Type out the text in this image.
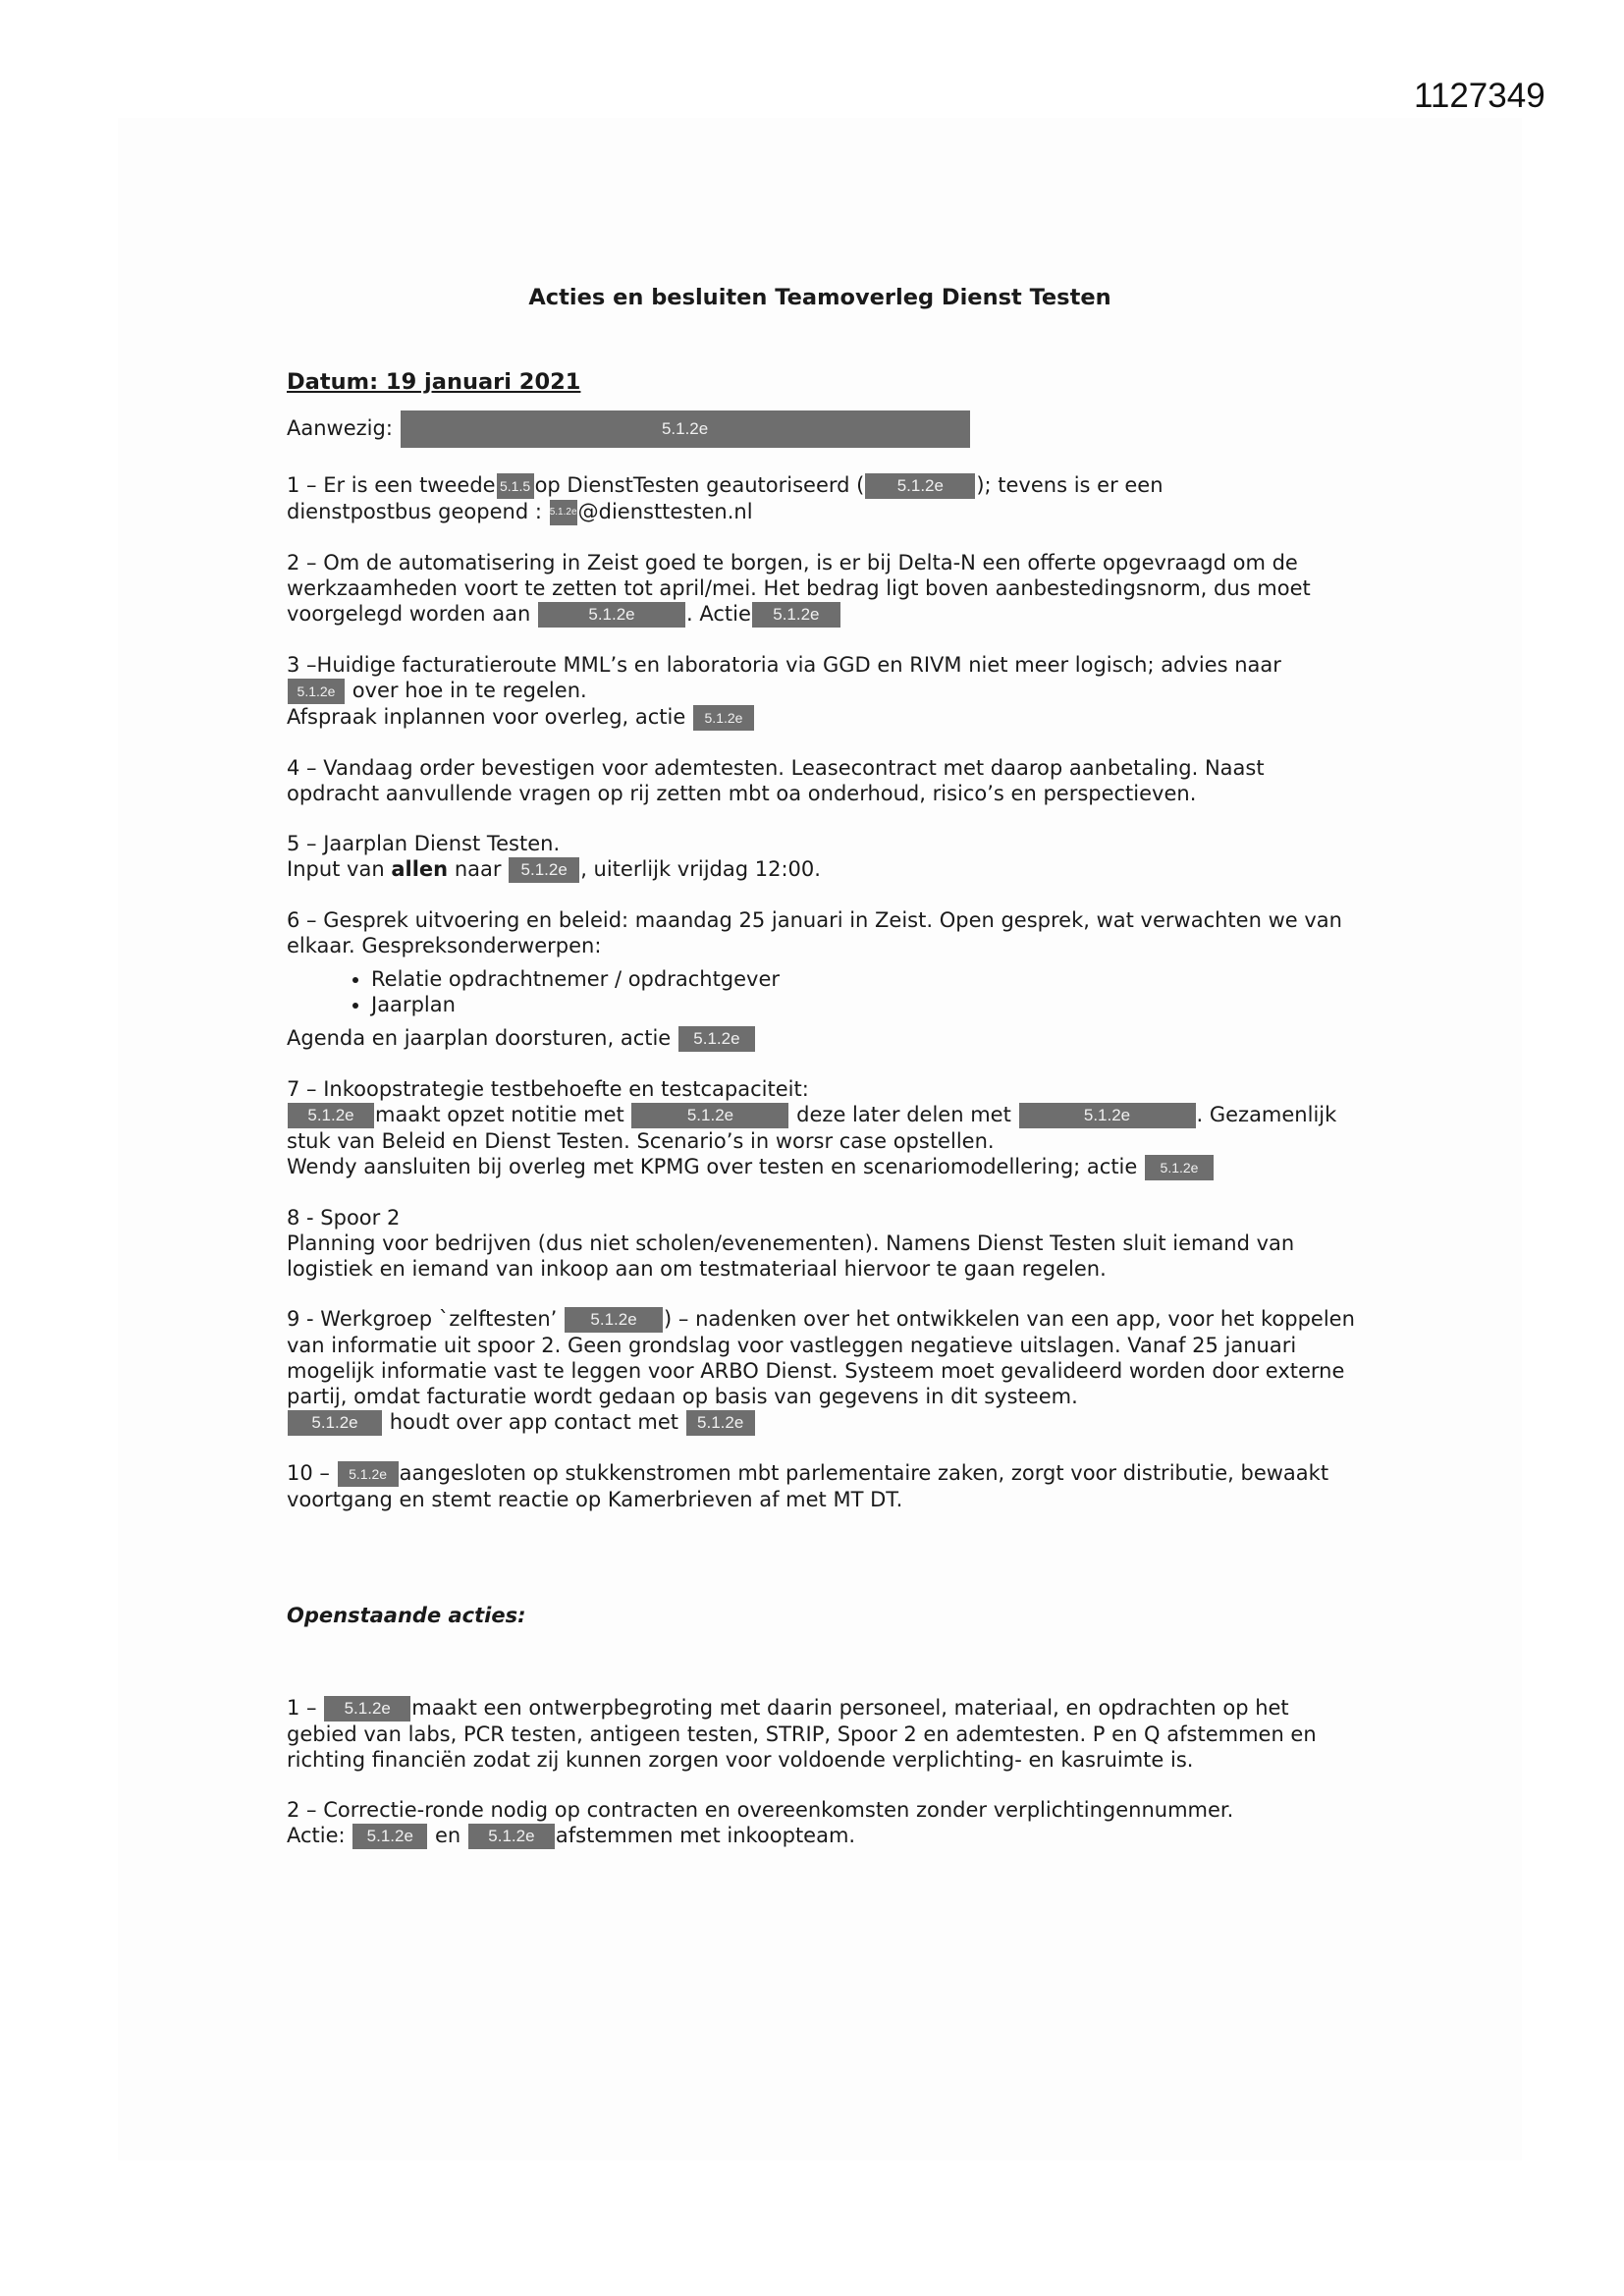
1127349
Acties en besluiten Teamoverleg Dienst Testen

Datum: 19 januari 2021

Aanwezig:	5.1.2e

1 – Er is een tweede 5.1.5 op DienstTesten geautoriseerd ( 5.1.2e ); tevens is er een
dienstpostbus geopend : 5.1.2e@diensttesten.nl

2 – Om de automatisering in Zeist goed te borgen, is er bij Delta-N een offerte opgevraagd om de werkzaamheden voort te zetten tot april/mei. Het bedrag ligt boven aanbestedingsnorm, dus moet voorgelegd worden aan	5.1.2e . Actie 5.1.2e

3 –Huidige facturatieroute MML’s en laboratoria via GGD en RIVM niet meer logisch; advies naar
5.1.2e over hoe in te regelen.
Afspraak inplannen voor overleg, actie 5.1.2e

4 – Vandaag order bevestigen voor ademtesten. Leasecontract met daarop aanbetaling. Naast opdracht aanvullende vragen op rij zetten mbt oa onderhoud, risico’s en perspectieven.

5 – Jaarplan Dienst Testen.
Input van allen naar 5.1.2e , uiterlijk vrijdag 12:00.

6 – Gesprek uitvoering en beleid: maandag 25 januari in Zeist. Open gesprek, wat verwachten we van elkaar. Gespreksonderwerpen:

• Relatie opdrachtnemer / opdrachtgever
• Jaarplan

Agenda en jaarplan doorsturen, actie 5.1.2e

7 – Inkoopstrategie testbehoefte en testcapaciteit:
5.1.2e maakt opzet notitie met	5.1.2e	deze later delen met	5.1.2e	. Gezamenlijk stuk van Beleid en Dienst Testen. Scenario’s in worsr case opstellen.
Wendy aansluiten bij overleg met KPMG over testen en scenariomodellering; actie 5.1.2e

8 - Spoor 2
Planning voor bedrijven (dus niet scholen/evenementen). Namens Dienst Testen sluit iemand van logistiek en iemand van inkoop aan om testmateriaal hiervoor te gaan regelen.

9 - Werkgroep `zelftesten’ 5.1.2e ) – nadenken over het ontwikkelen van een app, voor het koppelen van informatie uit spoor 2. Geen grondslag voor vastleggen negatieve uitslagen. Vanaf 25 januari mogelijk informatie vast te leggen voor ARBO Dienst. Systeem moet gevalideerd worden door externe partij, omdat facturatie wordt gedaan op basis van gegevens in dit systeem.
5.1.2e houdt over app contact met 5.1.2e

10 – 5.1.2e aangesloten op stukkenstromen mbt parlementaire zaken, zorgt voor distributie, bewaakt voortgang en stemt reactie op Kamerbrieven af met MT DT.

Openstaande acties:

1 – 5.1.2e maakt een ontwerpbegroting met daarin personeel, materiaal, en opdrachten op het gebied van labs, PCR testen, antigeen testen, STRIP, Spoor 2 en ademtesten. P en Q afstemmen en richting financiën zodat zij kunnen zorgen voor voldoende verplichting- en kasruimte is.

2 – Correctie-ronde nodig op contracten en overeenkomsten zonder verplichtingennummer.
Actie: 5.1.2e en 5.1.2e afstemmen met inkoopteam.
